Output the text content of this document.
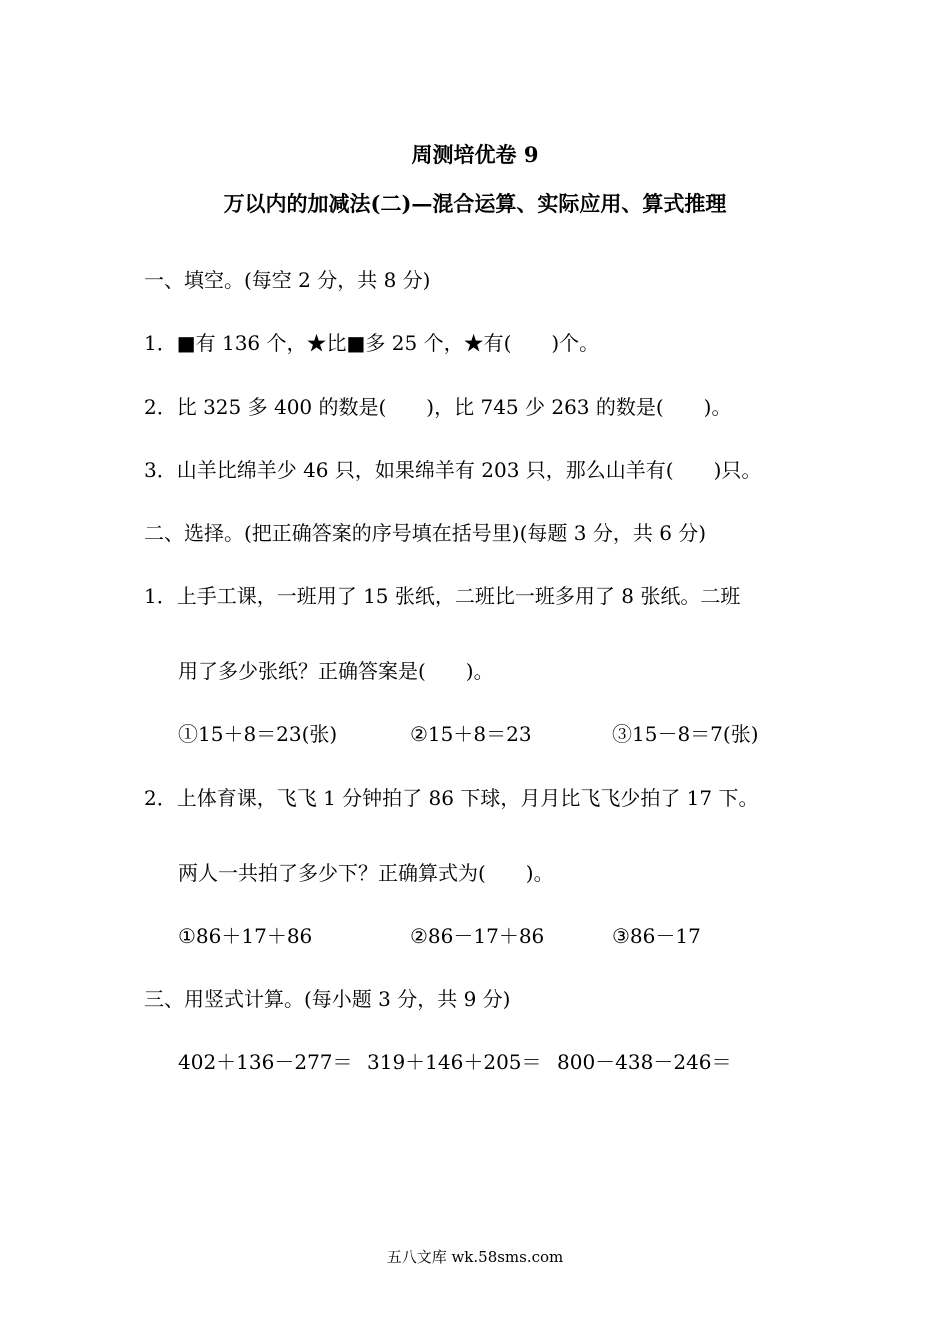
周测培优卷 9
万以内的加减法(二)—混合运算、实际应用、算式推理
一、填空。(每空 2 分，共 8 分)
1．■有 136 个，★比■多 25 个，★有(　　)个。
2．比 325 多 400 的数是(　　)，比 745 少 263 的数是(　　)。
3．山羊比绵羊少 46 只，如果绵羊有 203 只，那么山羊有(　　)只。
二、选择。(把正确答案的序号填在括号里)(每题 3 分，共 6 分)
1．上手工课，一班用了 15 张纸，二班比一班多用了 8 张纸。二班
用了多少张纸？正确答案是(　　)。
①15＋8＝23(张)	②15＋8＝23	③15－8＝7(张)
2．上体育课，飞飞 1 分钟拍了 86 下球，月月比飞飞少拍了 17 下。
两人一共拍了多少下？正确算式为(　　)。
①86＋17＋86	②86－17＋86	③86－17
三、用竖式计算。(每小题 3 分，共 9 分)
402＋136－277＝ 319＋146＋205＝ 800－438－246＝
五八文库 wk.58sms.com
